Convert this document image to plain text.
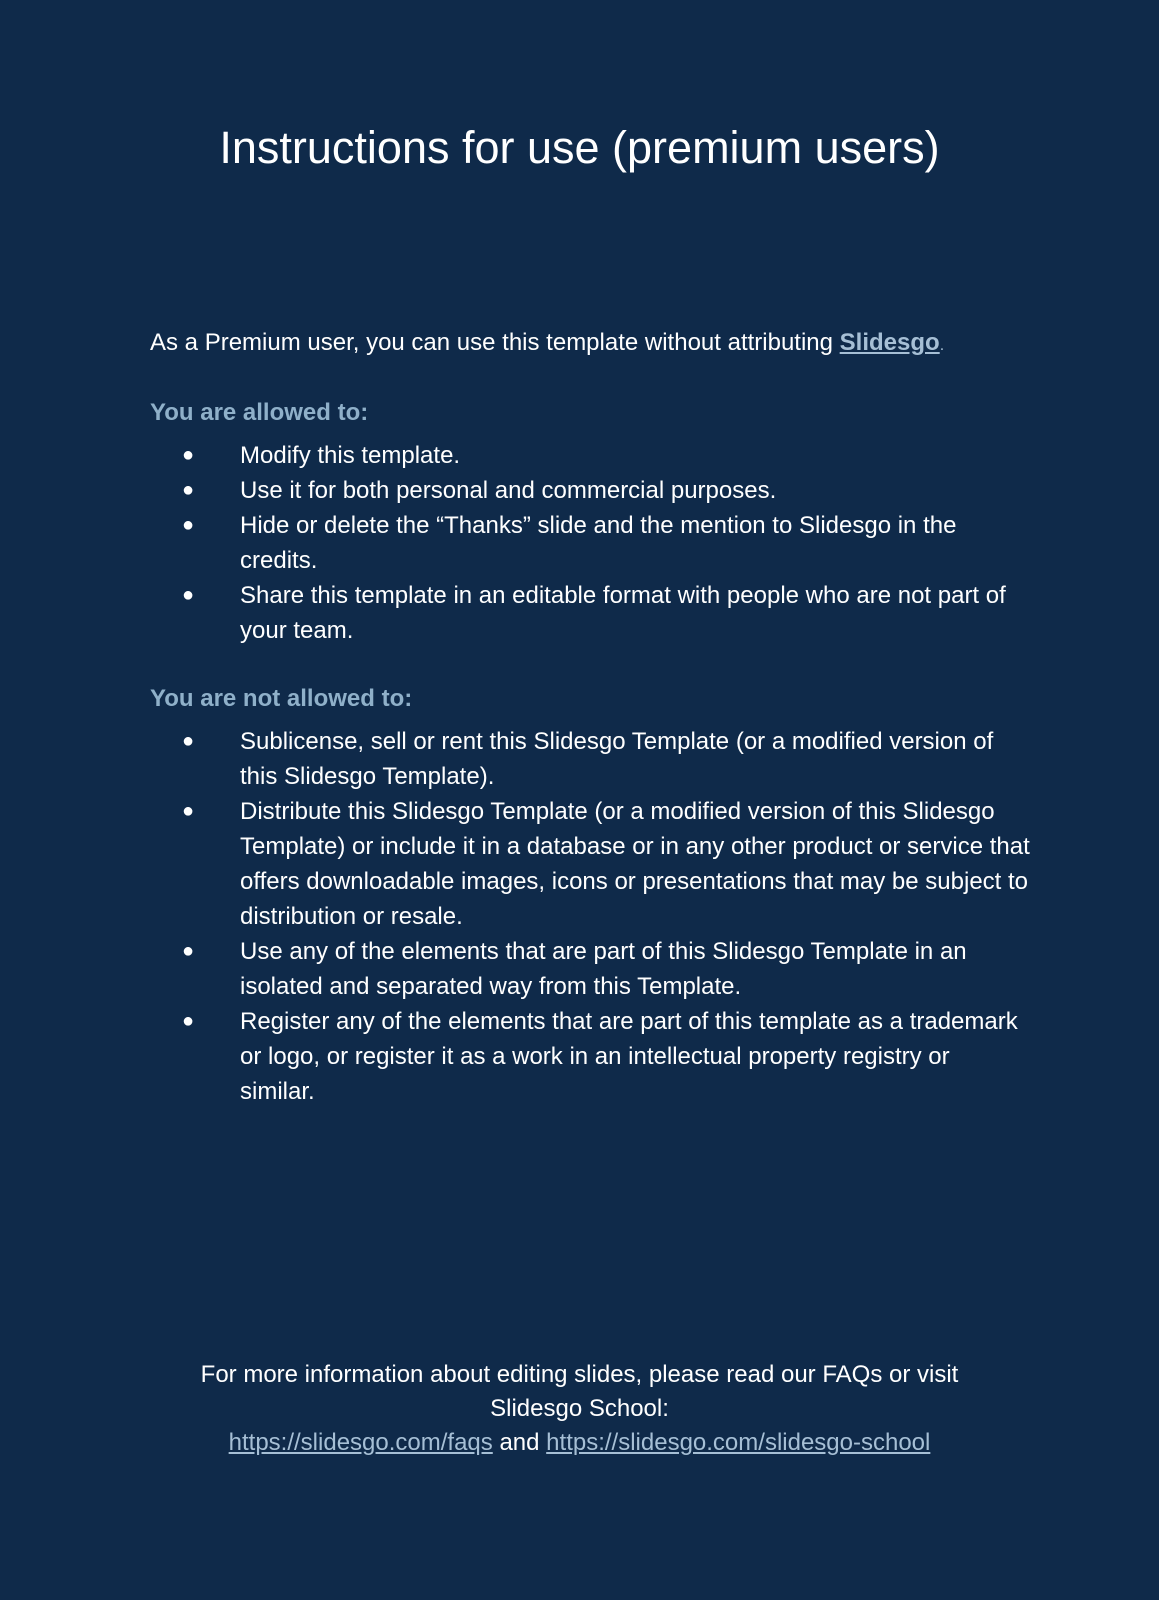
Instructions for use (premium users)

As a Premium user, you can use this template without attributing Slidesgo.

You are allowed to:
● Modify this template.
● Use it for both personal and commercial purposes.
● Hide or delete the “Thanks” slide and the mention to Slidesgo in the credits.
● Share this template in an editable format with people who are not part of your team.
You are not allowed to:
● Sublicense, sell or rent this Slidesgo Template (or a modified version of this Slidesgo Template).
● Distribute this Slidesgo Template (or a modified version of this Slidesgo Template) or include it in a database or in any other product or service that offers downloadable images, icons or presentations that may be subject to distribution or resale.
● Use any of the elements that are part of this Slidesgo Template in an isolated and separated way from this Template.
● Register any of the elements that are part of this template as a trademark or logo, or register it as a work in an intellectual property registry or similar.

For more information about editing slides, please read our FAQs or visit Slidesgo School:

https://slidesgo.com/faqs and https://slidesgo.com/slidesgo-school
